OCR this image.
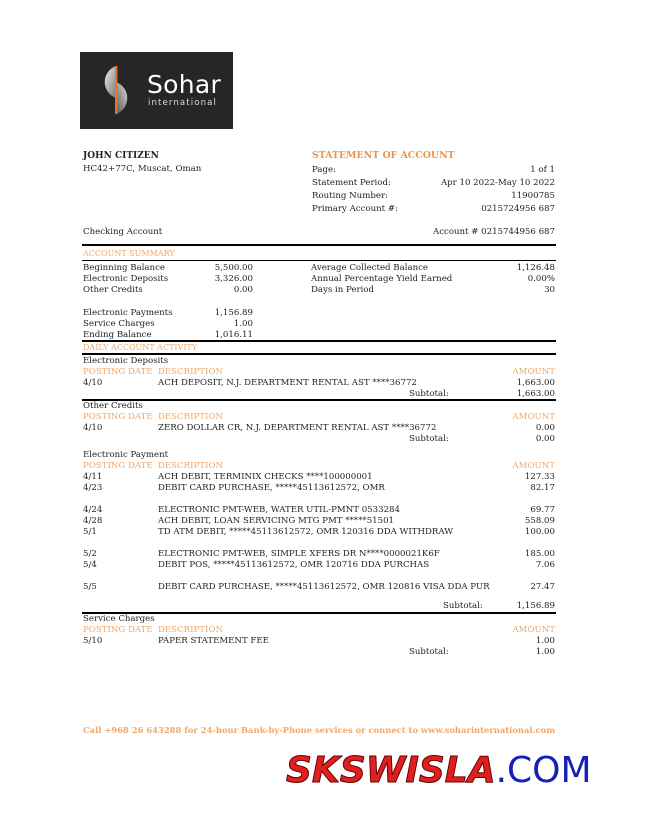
Sohar
international
JOHN CITIZEN
HC42+77C, Muscat, Oman
STATEMENT OF ACCOUNT
Page:	1 of 1
Statement Period:	Apr 10 2022-May 10 2022
Routing Number:	11900785
Primary Account #:	0215724956 687
Checking Account	Account # 0215744956 687
ACCOUNT SUMMARY
Beginning Balance	5,500.00	Average Collected Balance	1,126.48
Electronic Deposits	3,326.00	Annual Percentage Yield Earned	0.00%
Other Credits	0.00	Days in Period	30
Electronic Payments	1,156.89
Service Charges	1.00
Ending Balance	1,016.11
DAILY ACCOUNT ACTIVITY
Electronic Deposits
POSTING DATE DESCRIPTION	AMOUNT
4/10	ACH DEPOSIT, N.J. DEPARTMENT RENTAL AST ****36772	1,663.00
Subtotal:	1,663.00
Other Credits
POSTING DATE DESCRIPTION	AMOUNT
4/10	ZERO DOLLAR CR, N.J. DEPARTMENT RENTAL AST ****36772	0.00
Subtotal:	0.00
Electronic Payment
POSTING DATE DESCRIPTION	AMOUNT
4/11	ACH DEBIT, TERMINIX CHECKS ****100000001	127.33
4/23	DEBIT CARD PURCHASE, *****45113612572, OMR	82.17
4/24	ELECTRONIC PMT-WEB, WATER UTIL-PMNT 0533284	69.77
4/28	ACH DEBIT, LOAN SERVICING MTG PMT *****51501	558.09
5/1	TD ATM DEBIT, *****45113612572, OMR 120316 DDA WITHDRAW	100.00
5/2	ELECTRONIC PMT-WEB, SIMPLE XFERS DR N****0000021K6F	185.00
5/4	DEBIT POS, *****45113612572, OMR 120716 DDA PURCHAS	7.06
5/5	DEBIT CARD PURCHASE, *****45113612572, OMR 120816 VISA DDA PUR	27.47
Subtotal:	1,156.89
Service Charges
POSTING DATE DESCRIPTION	AMOUNT
5/10	PAPER STATEMENT FEE	1.00
Subtotal:	1.00
Call +968 26 643288 for 24-hour Bank-by-Phone services or connect to www.soharinternational.com
SKSWISLA.COM
